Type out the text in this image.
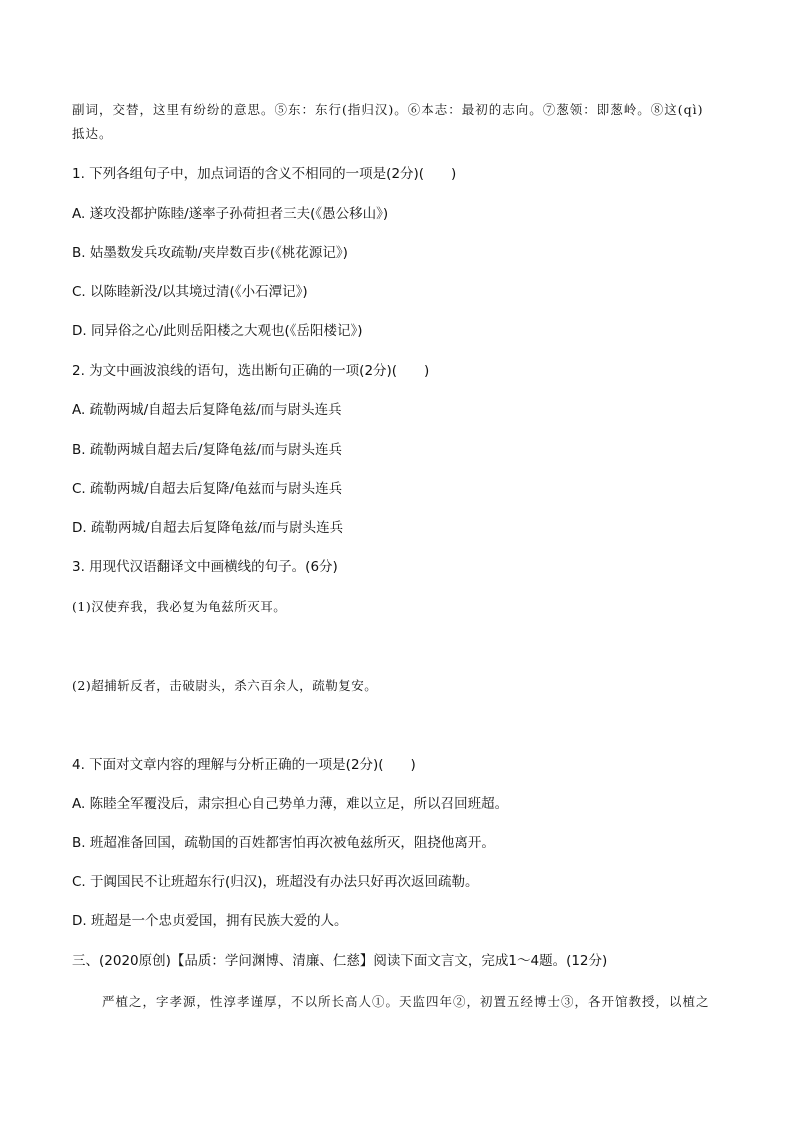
副词，交替，这里有纷纷的意思。⑤东：东行(指归汉)。⑥本志：最初的志向。⑦葱领：即葱岭。⑧这(qì)
抵达。
1. 下列各组句子中，加点词语的含义不相同的一项是(2分)(　　)
A. 遂攻没都护陈睦/遂率子孙荷担者三夫(《愚公移山》)
B. 姑墨数发兵攻疏勒/夹岸数百步(《桃花源记》)
C. 以陈睦新没/以其境过清(《小石潭记》)
D. 同异俗之心/此则岳阳楼之大观也(《岳阳楼记》)
2. 为文中画波浪线的语句，选出断句正确的一项(2分)(　　)
A. 疏勒两城/自超去后复降龟兹/而与尉头连兵
B. 疏勒两城自超去后/复降龟兹/而与尉头连兵
C. 疏勒两城/自超去后复降/龟兹而与尉头连兵
D. 疏勒两城/自超去后复降龟兹/而与尉头连兵
3. 用现代汉语翻译文中画横线的句子。(6分)
(1)汉使弃我，我必复为龟兹所灭耳。
(2)超捕斩反者，击破尉头，杀六百余人，疏勒复安。
4. 下面对文章内容的理解与分析正确的一项是(2分)(　　)
A. 陈睦全军覆没后，肃宗担心自己势单力薄，难以立足，所以召回班超。
B. 班超准备回国，疏勒国的百姓都害怕再次被龟兹所灭，阻挠他离开。
C. 于阗国民不让班超东行(归汉)，班超没有办法只好再次返回疏勒。
D. 班超是一个忠贞爱国，拥有民族大爱的人。
三、(2020原创)【品质：学问渊博、清廉、仁慈】阅读下面文言文，完成1～4题。(12分)
严植之，字孝源，性淳孝谨厚，不以所长高人①。天监四年②，初置五经博士③，各开馆教授，以植之
